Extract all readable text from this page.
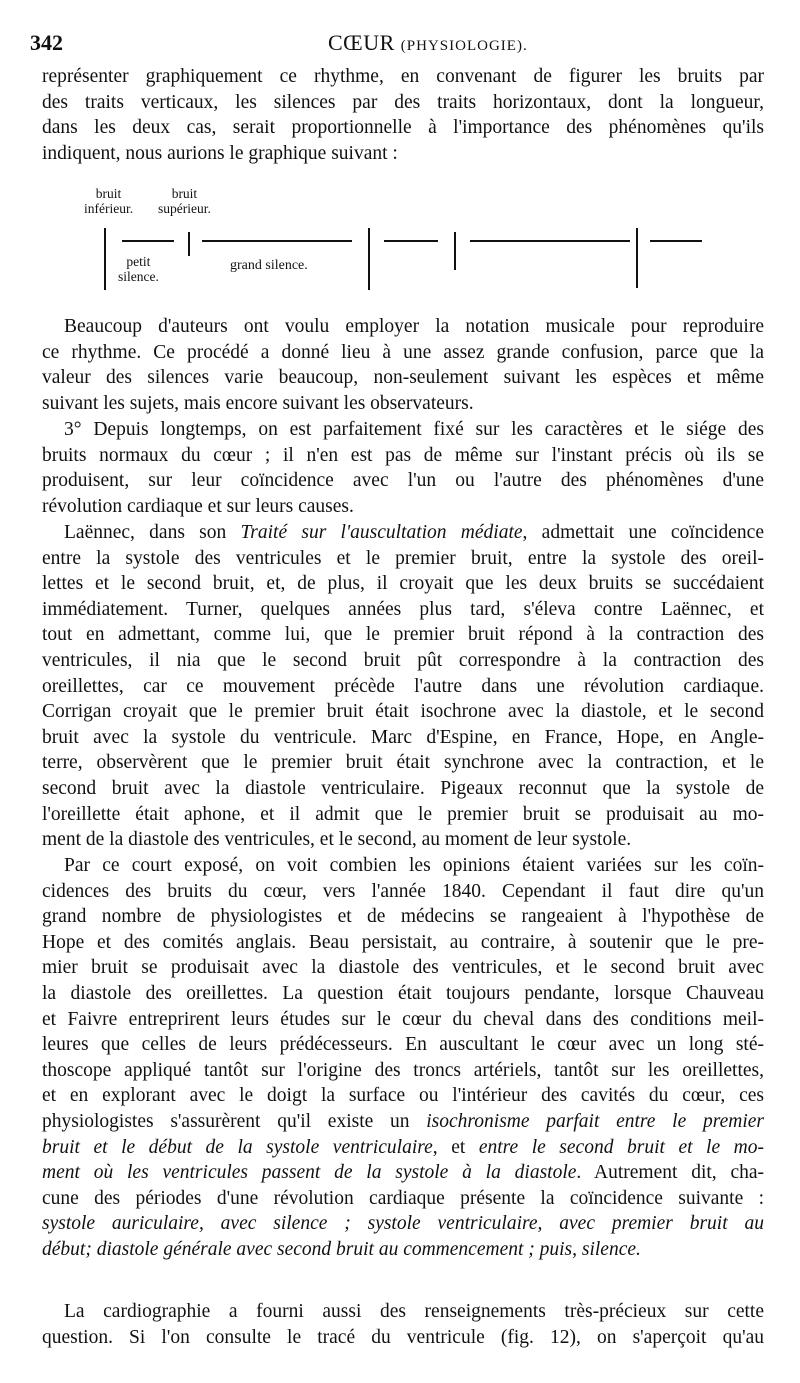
342	CŒUR (PHYSIOLOGIE).
représenter graphiquement ce rhythme, en convenant de figurer les bruits par
des traits verticaux, les silences par des traits horizontaux, dont la longueur,
dans les deux cas, serait proportionnelle à l'importance des phénomènes qu'ils
indiquent, nous aurions le graphique suivant :
bruit
inférieur.
bruit
supérieur.
petit
silence.
grand silence.
Beaucoup d'auteurs ont voulu employer la notation musicale pour reproduire
ce rhythme. Ce procédé a donné lieu à une assez grande confusion, parce que la
valeur des silences varie beaucoup, non-seulement suivant les espèces et même
suivant les sujets, mais encore suivant les observateurs.
3° Depuis longtemps, on est parfaitement fixé sur les caractères et le siége des
bruits normaux du cœur ; il n'en est pas de même sur l'instant précis où ils se
produisent, sur leur coïncidence avec l'un ou l'autre des phénomènes d'une
révolution cardiaque et sur leurs causes.
Laënnec, dans son Traité sur l'auscultation médiate, admettait une coïncidence
entre la systole des ventricules et le premier bruit, entre la systole des oreil-
lettes et le second bruit, et, de plus, il croyait que les deux bruits se succédaient
immédiatement. Turner, quelques années plus tard, s'éleva contre Laënnec, et
tout en admettant, comme lui, que le premier bruit répond à la contraction des
ventricules, il nia que le second bruit pût correspondre à la contraction des
oreillettes, car ce mouvement précède l'autre dans une révolution cardiaque.
Corrigan croyait que le premier bruit était isochrone avec la diastole, et le second
bruit avec la systole du ventricule. Marc d'Espine, en France, Hope, en Angle-
terre, observèrent que le premier bruit était synchrone avec la contraction, et le
second bruit avec la diastole ventriculaire. Pigeaux reconnut que la systole de
l'oreillette était aphone, et il admit que le premier bruit se produisait au mo-
ment de la diastole des ventricules, et le second, au moment de leur systole.
Par ce court exposé, on voit combien les opinions étaient variées sur les coïn-
cidences des bruits du cœur, vers l'année 1840. Cependant il faut dire qu'un
grand nombre de physiologistes et de médecins se rangeaient à l'hypothèse de
Hope et des comités anglais. Beau persistait, au contraire, à soutenir que le pre-
mier bruit se produisait avec la diastole des ventricules, et le second bruit avec
la diastole des oreillettes. La question était toujours pendante, lorsque Chauveau
et Faivre entreprirent leurs études sur le cœur du cheval dans des conditions meil-
leures que celles de leurs prédécesseurs. En auscultant le cœur avec un long sté-
thoscope appliqué tantôt sur l'origine des troncs artériels, tantôt sur les oreillettes,
et en explorant avec le doigt la surface ou l'intérieur des cavités du cœur, ces
physiologistes s'assurèrent qu'il existe un isochronisme parfait entre le premier
bruit et le début de la systole ventriculaire, et entre le second bruit et le mo-
ment où les ventricules passent de la systole à la diastole. Autrement dit, cha-
cune des périodes d'une révolution cardiaque présente la coïncidence suivante :
systole auriculaire, avec silence ; systole ventriculaire, avec premier bruit au
début; diastole générale avec second bruit au commencement ; puis, silence.
La cardiographie a fourni aussi des renseignements très-précieux sur cette
question. Si l'on consulte le tracé du ventricule (fig. 12), on s'aperçoit qu'au
